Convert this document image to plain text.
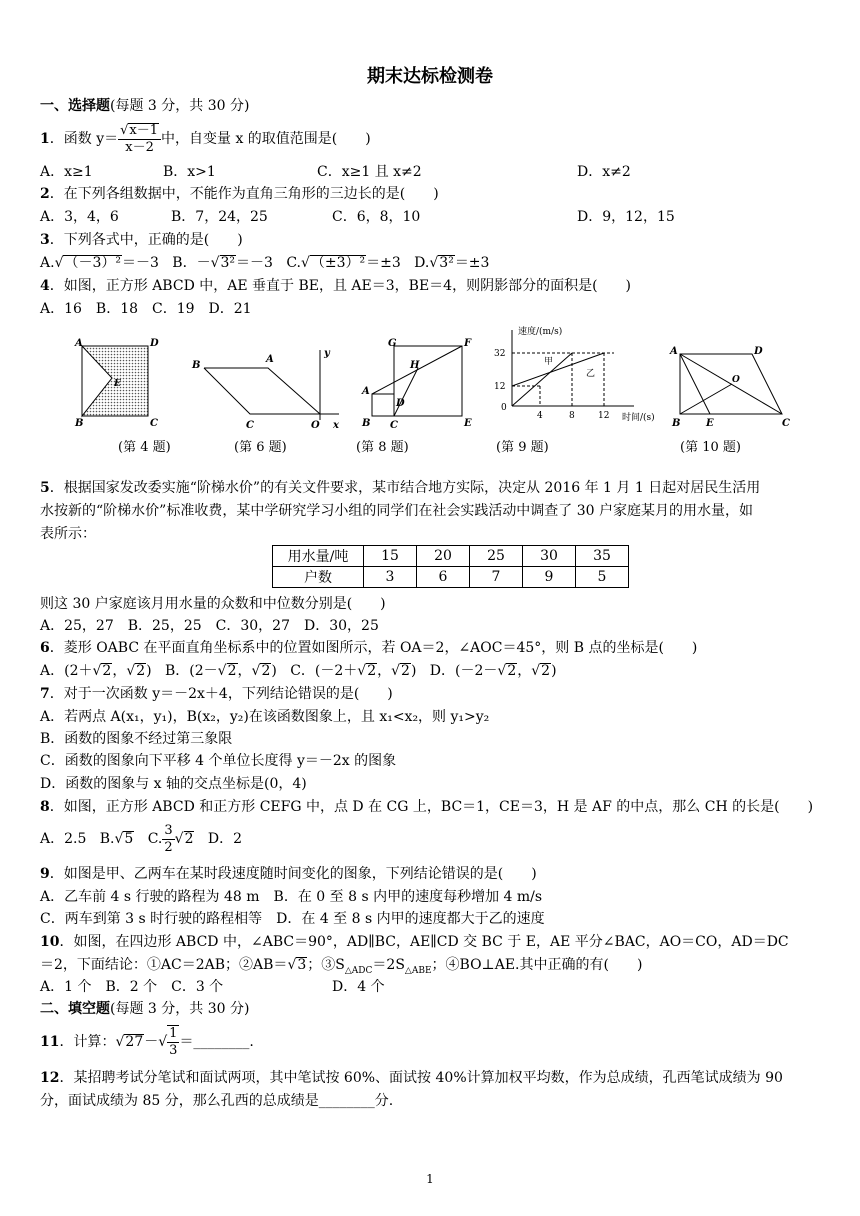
期末达标检测卷
一、选择题(每题 3 分，共 30 分)
1．函数 $y= \frac{√x-1}{x-2}$ 中，自变量 x 的取值范围是(　　)
A．x≥1	B．x>1	C．x≥1 且 x≠2	D．x≠2
2．在下列各组数据中，不能作为直角三角形的三边长的是(　　)
A．3，4，6	B．7，24，25	C．6，8，10	D．9，12，15
3．下列各式中，正确的是(　　)
A.√（－3）²＝－3 B．－√3²＝－3 C.√（±3）²＝±3 D.√3²＝±3
4．如图，正方形 ABCD 中，AE 垂直于 BE，且 AE＝3，BE＝4，则阴影部分的面积是(　　)
A．16　B．18　C．19　D．21
A
B	C
D
E
(第 4 题)
B
A
C	O x
y
(第 6 题)
G	F
H
A
B C
D
E
(第 8 题)
速度/(m/s)
时间/(s)
甲
乙
32
12
0
4	8	12
(第 9 题)
A	D
O
B	E	C
(第 10 题)
5．根据国家发改委实施“阶梯水价”的有关文件要求，某市结合地方实际，决定从 2016 年 1 月 1 日起对居民生活用
水按新的“阶梯水价”标准收费，某中学研究学习小组的同学们在社会实践活动中调查了 30 户家庭某月的用水量，如
表所示：
用水量/吨	15	20	25	30	35
户数	3	6	7	9	5
则这 30 户家庭该月用水量的众数和中位数分别是(　　)
A．25，27　B．25，25　C．30，27　D．30，25
6．菱形 OABC 在平面直角坐标系中的位置如图所示，若 OA＝2，∠AOC＝45°，则 B 点的坐标是(　　)
A．(2＋√2，√2) B．(2－√2，√2) C．(－2＋√2，√2) D．(－2－√2，√2)
7．对于一次函数 y＝－2x＋4，下列结论错误的是(　　)
A．若两点 A(x₁，y₁)，B(x₂，y₂)在该函数图象上，且 x₁<x₂，则 y₁>y₂
B．函数的图象不经过第三象限
C．函数的图象向下平移 4 个单位长度得 y＝－2x 的图象
D．函数的图象与 x 轴的交点坐标是(0，4)
8．如图，正方形 ABCD 和正方形 CEFG 中，点 D 在 CG 上，BC＝1，CE＝3，H 是 AF 的中点，那么 CH 的长是(　　)
A．2.5 B.√5 C. $\frac{3}{2} √2$ D．2
9．如图是甲、乙两车在某时段速度随时间变化的图象，下列结论错误的是(　　)
A．乙车前 4 s 行驶的路程为 48 m　B．在 0 至 8 s 内甲的速度每秒增加 4 m/s
C．两车到第 3 s 时行驶的路程相等　D．在 4 至 8 s 内甲的速度都大于乙的速度
10．如图，在四边形 ABCD 中，∠ABC＝90°，AD∥BC，AE∥CD 交 BC 于 E，AE 平分∠BAC，AO＝CO，AD＝DC
＝2，下面结论：①AC＝2AB；②AB＝√3；$③S_{\triangle ADC}=2S_{\triangle ABE}$；④BO⊥AE.其中正确的有(　　)
A．1 个　B．2 个　C．3 个	D．4 个
二、填空题(每题 3 分，共 30 分)
11．计算：$√27-√ \frac{1}{3}$ ＝________.
12．某招聘考试分笔试和面试两项，其中笔试按 60%、面试按 40%计算加权平均数，作为总成绩，孔西笔试成绩为 90
分，面试成绩为 85 分，那么孔西的总成绩是________分.
1
